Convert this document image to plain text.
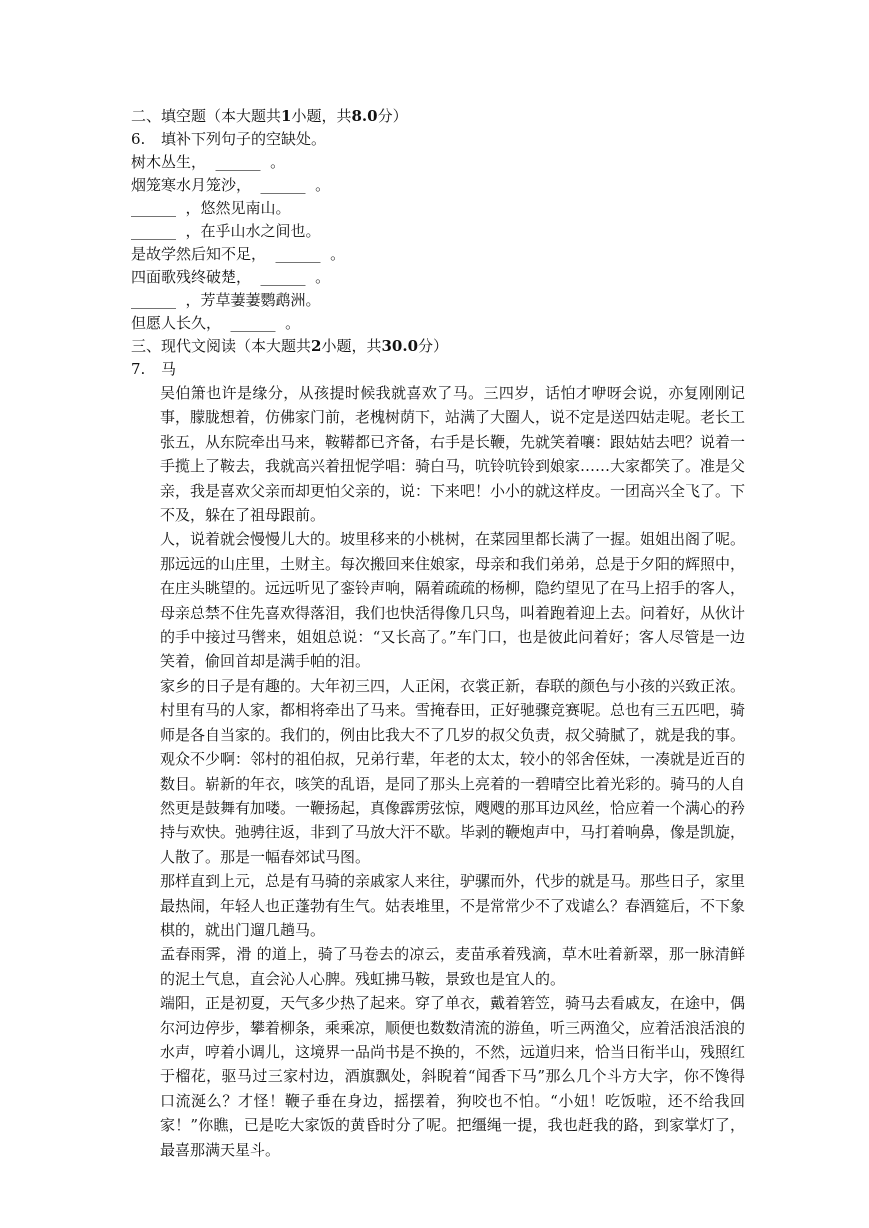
二、填空题（本大题共1小题，共8.0分）
6. 填补下列句子的空缺处。
树木丛生，  ______  。
烟笼寒水月笼沙，  ______  。
______  ，悠然见南山。
______  ，在乎山水之间也。
是故学然后知不足，  ______  。
四面歌残终破楚，  ______  。
______  ，芳草萋萋鹦鹉洲。
但愿人长久，  ______  。
三、现代文阅读（本大题共2小题，共30.0分）
7. 马

吴伯箫也许是缘分，从孩提时候我就喜欢了马。三四岁，话怕才咿呀会说，亦复刚刚记事，朦胧想着，仿佛家门前，老槐树荫下，站满了大圈人，说不定是送四姑走呢。老长工张五，从东院牵出马来，鞍鞯都已齐备，右手是长鞭，先就笑着嚷：跟姑姑去吧？说着一手揽上了鞍去，我就高兴着扭怩学唱：骑白马，吭铃吭铃到娘家……大家都笑了。准是父亲，我是喜欢父亲而却更怕父亲的，说：下来吧！小小的就这样皮。一团高兴全飞了。下不及，躲在了祖母跟前。

人，说着就会慢慢儿大的。坡里移来的小桃树，在菜园里都长满了一握。姐姐出阁了呢。那远远的山庄里，土财主。每次搬回来住娘家，母亲和我们弟弟，总是于夕阳的辉照中，在庄头眺望的。远远听见了銮铃声响，隔着疏疏的杨柳，隐约望见了在马上招手的客人，母亲总禁不住先喜欢得落泪，我们也快活得像几只鸟，叫着跑着迎上去。问着好，从伙计的手中接过马辔来，姐姐总说：“又长高了。”车门口，也是彼此问着好；客人尽管是一边笑着，偷回首却是满手帕的泪。

家乡的日子是有趣的。大年初三四，人正闲，衣裳正新，春联的颜色与小孩的兴致正浓。村里有马的人家，都相将牵出了马来。雪掩春田，正好驰骤竞赛呢。总也有三五匹吧，骑师是各自当家的。我们的，例由比我大不了几岁的叔父负责，叔父骑腻了，就是我的事。观众不少啊：邻村的祖伯叔，兄弟行辈，年老的太太，较小的邻舍侄妹，一凑就是近百的数目。崭新的年衣，咳笑的乱语，是同了那头上亮着的一碧晴空比着光彩的。骑马的人自然更是鼓舞有加喽。一鞭扬起，真像霹雳弦惊，飕飕的那耳边风丝，恰应着一个满心的矜持与欢快。弛骋往返，非到了马放大汗不歇。毕剥的鞭炮声中，马打着响鼻，像是凯旋，人散了。那是一幅春郊试马图。

那样直到上元，总是有马骑的亲戚家人来往，驴骡而外，代步的就是马。那些日子，家里最热闹，年轻人也正蓬勃有生气。姑表堆里，不是常常少不了戏谑么？春酒筵后，不下象棋的，就出门遛几趟马。

孟春雨霁，滑 的道上，骑了马卷去的凉云，麦苗承着残滴，草木吐着新翠，那一脉清鲜的泥土气息，直会沁人心脾。残虹拂马鞍，景致也是宜人的。

端阳，正是初夏，天气多少热了起来。穿了单衣，戴着箬笠，骑马去看戚友，在途中，偶尔河边停步，攀着柳条，乘乘凉，顺便也数数清流的游鱼，听三两渔父，应着活浪活浪的水声，哼着小调儿，这境界一品尚书是不换的，不然，远道归来，恰当日衔半山，残照红于榴花，驱马过三家村边，酒旗飘处，斜睨着“闻香下马”那么几个斗方大字，你不馋得口流涎么？才怪！鞭子垂在身边，摇摆着，狗咬也不怕。“小妞！吃饭啦，还不给我回家！”你瞧，已是吃大家饭的黄昏时分了呢。把缰绳一提，我也赶我的路，到家掌灯了，最喜那满天星斗。
